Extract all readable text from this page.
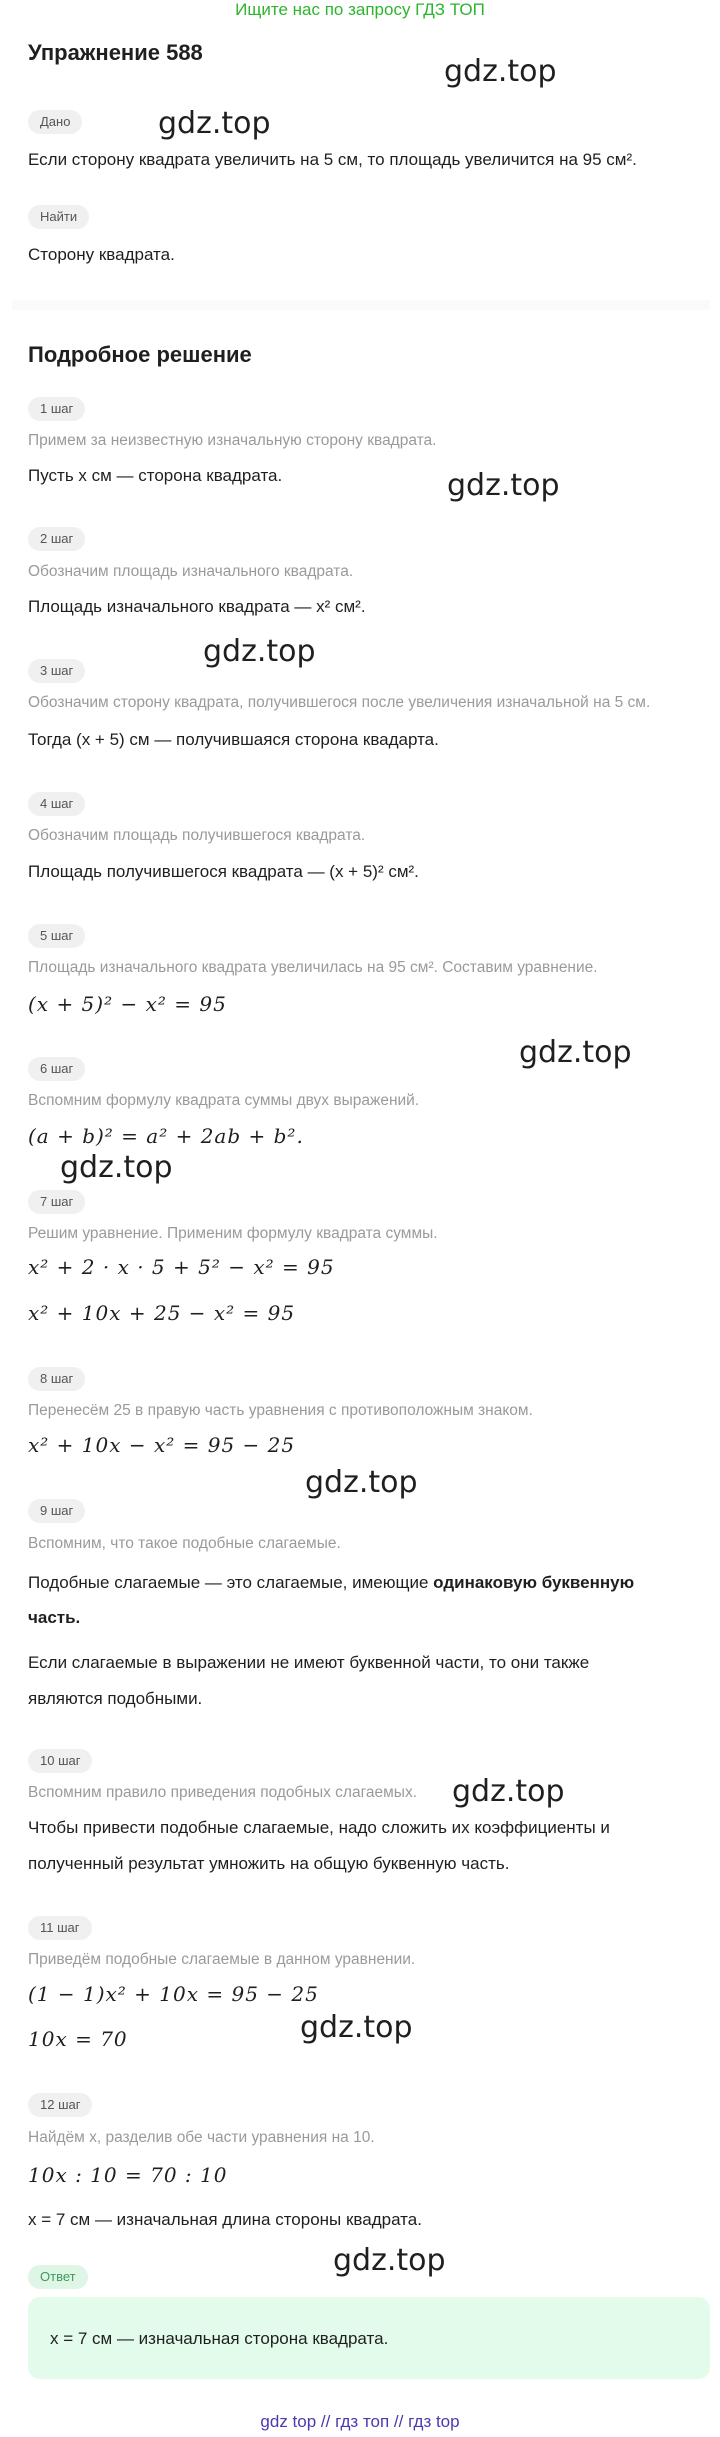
Ищите нас по запросу ГДЗ ТОП
Упражнение 588
gdz.top
Дано	gdz.top
Если сторону квадрата увеличить на 5 см, то площадь увеличится на 95 см².
Найти
Сторону квадрата.
Подробное решение
1 шаг
Примем за неизвестную изначальную сторону квадрата.
Пусть x см — сторона квадрата.	gdz.top
2 шаг
Обозначим площадь изначального квадрата.
Площадь изначального квадрата — x² см².
gdz.top
3 шаг
Обозначим сторону квадрата, получившегося после увеличения изначальной на 5 см.
Тогда (x + 5) см — получившаяся сторона квадарта.
4 шаг
Обозначим площадь получившегося квадрата.
Площадь получившегося квадрата — (x + 5)² см².
5 шаг
Площадь изначального квадрата увеличилась на 95 см². Составим уравнение.
(x + 5)² − x² = 95
gdz.top
6 шаг
Вспомним формулу квадрата суммы двух выражений.
(a + b)² = a² + 2ab + b².
gdz.top
7 шаг
Решим уравнение. Применим формулу квадрата суммы.
x² + 2 · x · 5 + 5² − x² = 95
x² + 10x + 25 − x² = 95
8 шаг
Перенесём 25 в правую часть уравнения с противоположным знаком.
x² + 10x − x² = 95 − 25
gdz.top
9 шаг
Вспомним, что такое подобные слагаемые.
Подобные слагаемые — это слагаемые, имеющие одинаковую буквенную
часть.
Если слагаемые в выражении не имеют буквенной части, то они также
являются подобными.
10 шаг
Вспомним правило приведения подобных слагаемых.	gdz.top
Чтобы привести подобные слагаемые, надо сложить их коэффициенты и
полученный результат умножить на общую буквенную часть.
11 шаг
Приведём подобные слагаемые в данном уравнении.
(1 − 1)x² + 10x = 95 − 25
gdz.top
10x = 70
12 шаг
Найдём x, разделив обе части уравнения на 10.
10x : 10 = 70 : 10
x = 7 см — изначальная длина стороны квадрата.
gdz.top
Ответ
x = 7 см — изначальная сторона квадрата.
gdz top // гдз топ // гдз top
